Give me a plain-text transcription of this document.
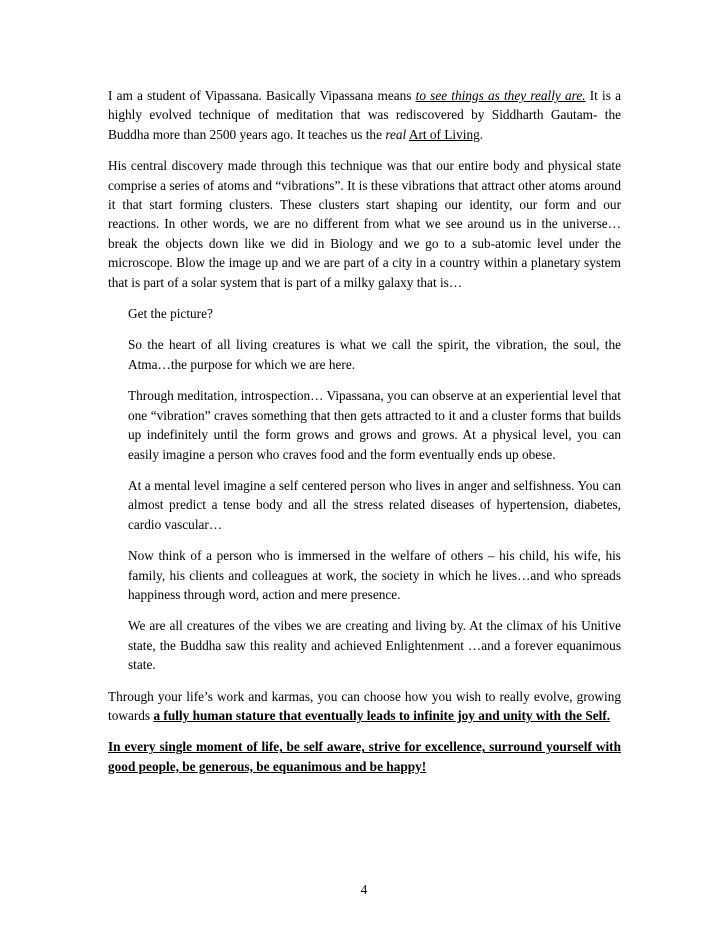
I am a student of Vipassana. Basically Vipassana means to see things as they really are. It is a highly evolved technique of meditation that was rediscovered by Siddharth Gautam- the Buddha more than 2500 years ago. It teaches us the real Art of Living.

His central discovery made through this technique was that our entire body and physical state comprise a series of atoms and “vibrations”. It is these vibrations that attract other atoms around it that start forming clusters. These clusters start shaping our identity, our form and our reactions. In other words, we are no different from what we see around us in the universe… break the objects down like we did in Biology and we go to a sub-atomic level under the microscope. Blow the image up and we are part of a city in a country within a planetary system that is part of a solar system that is part of a milky galaxy that is…

Get the picture?

So the heart of all living creatures is what we call the spirit, the vibration, the soul, the Atma…the purpose for which we are here.

Through meditation, introspection… Vipassana, you can observe at an experiential level that one “vibration” craves something that then gets attracted to it and a cluster forms that builds up indefinitely until the form grows and grows and grows. At a physical level, you can easily imagine a person who craves food and the form eventually ends up obese.

At a mental level imagine a self centered person who lives in anger and selfishness. You can almost predict a tense body and all the stress related diseases of hypertension, diabetes, cardio vascular…

Now think of a person who is immersed in the welfare of others – his child, his wife, his family, his clients and colleagues at work, the society in which he lives…and who spreads happiness through word, action and mere presence.

We are all creatures of the vibes we are creating and living by. At the climax of his Unitive state, the Buddha saw this reality and achieved Enlightenment …and a forever equanimous state.

Through your life’s work and karmas, you can choose how you wish to really evolve, growing towards a fully human stature that eventually leads to infinite joy and unity with the Self.

In every single moment of life, be self aware, strive for excellence, surround yourself with good people, be generous, be equanimous and be happy!

4
